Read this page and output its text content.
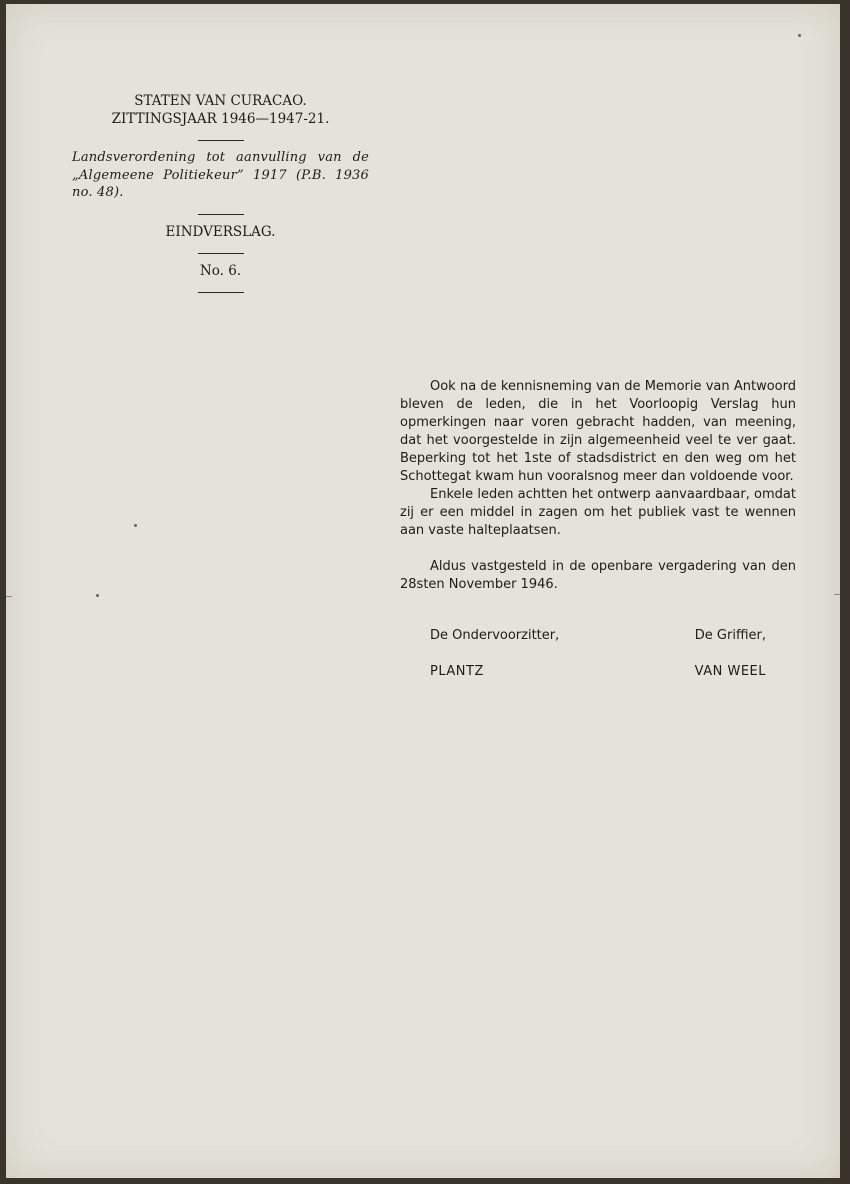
STATEN VAN CURACAO.
ZITTINGSJAAR 1946—1947-21.
Landsverordening tot aanvulling van de „Algemeene Politiekeur” 1917 (P.B. 1936 no. 48).
EINDVERSLAG.
No. 6.

Ook na de kennisneming van de Memorie van Antwoord bleven de leden, die in het Voorloopig Verslag hun opmerkingen naar voren gebracht hadden, van meening, dat het voorgestelde in zijn algemeenheid veel te ver gaat. Beperking tot het 1ste of stadsdistrict en den weg om het Schottegat kwam hun vooralsnog meer dan voldoende voor.

Enkele leden achtten het ontwerp aanvaardbaar, omdat zij er een middel in zagen om het publiek vast te wennen aan vaste halteplaatsen.

Aldus vastgesteld in de openbare vergadering van den 28sten November 1946.

De Ondervoorzitter,	De Griffier,
PLANTZ	VAN WEEL
